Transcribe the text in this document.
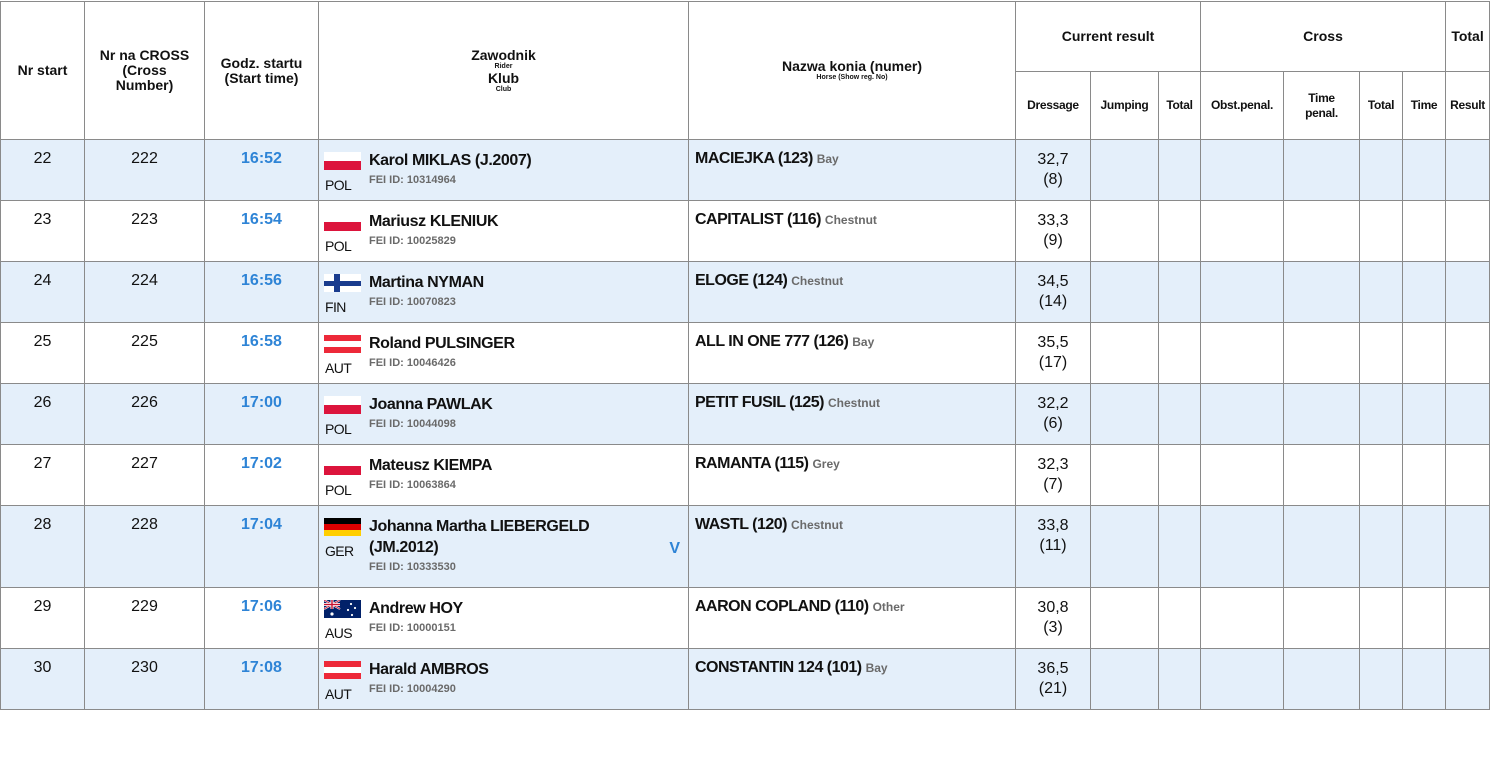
Nr start	Nr na CROSS
(Cross
Number)	Godz. startu
(Start time)	Zawodnik
Rider
Klub
Club	Nazwa konia (numer)
Horse (Show reg. No)	Current result			Cross				Total
					Dressage	Jumping	Total	Obst.penal.	Time
penal.	Total	Time	Result
22	222	16:52	POL
Karol MIKLAS (J.2007)
FEI ID: 10314964	MACIEJKA (123) Bay	32,7
(8)							

23	223	16:54	POL
Mariusz KLENIUK
FEI ID: 10025829	CAPITALIST (116) Chestnut	33,3
(9)							

24	224	16:56	FIN
Martina NYMAN
FEI ID: 10070823	ELOGE (124) Chestnut	34,5
(14)							

25	225	16:58	AUT
Roland PULSINGER
FEI ID: 10046426	ALL IN ONE 777 (126) Bay	35,5
(17)							

26	226	17:00	POL
Joanna PAWLAK
FEI ID: 10044098	PETIT FUSIL (125) Chestnut	32,2
(6)							

27	227	17:02	POL
Mateusz KIEMPA
FEI ID: 10063864	RAMANTA (115) Grey	32,3
(7)							

28	228	17:04	GER
Johanna Martha LIEBERGELD (JM.2012)
FEI ID: 10333530
V	WASTL (120) Chestnut	33,8
(11)							

29	229	17:06	AUS
Andrew HOY
FEI ID: 10000151	AARON COPLAND (110) Other	30,8
(3)							

30	230	17:08	AUT
Harald AMBROS
FEI ID: 10004290	CONSTANTIN 124 (101) Bay	36,5
(21)							
